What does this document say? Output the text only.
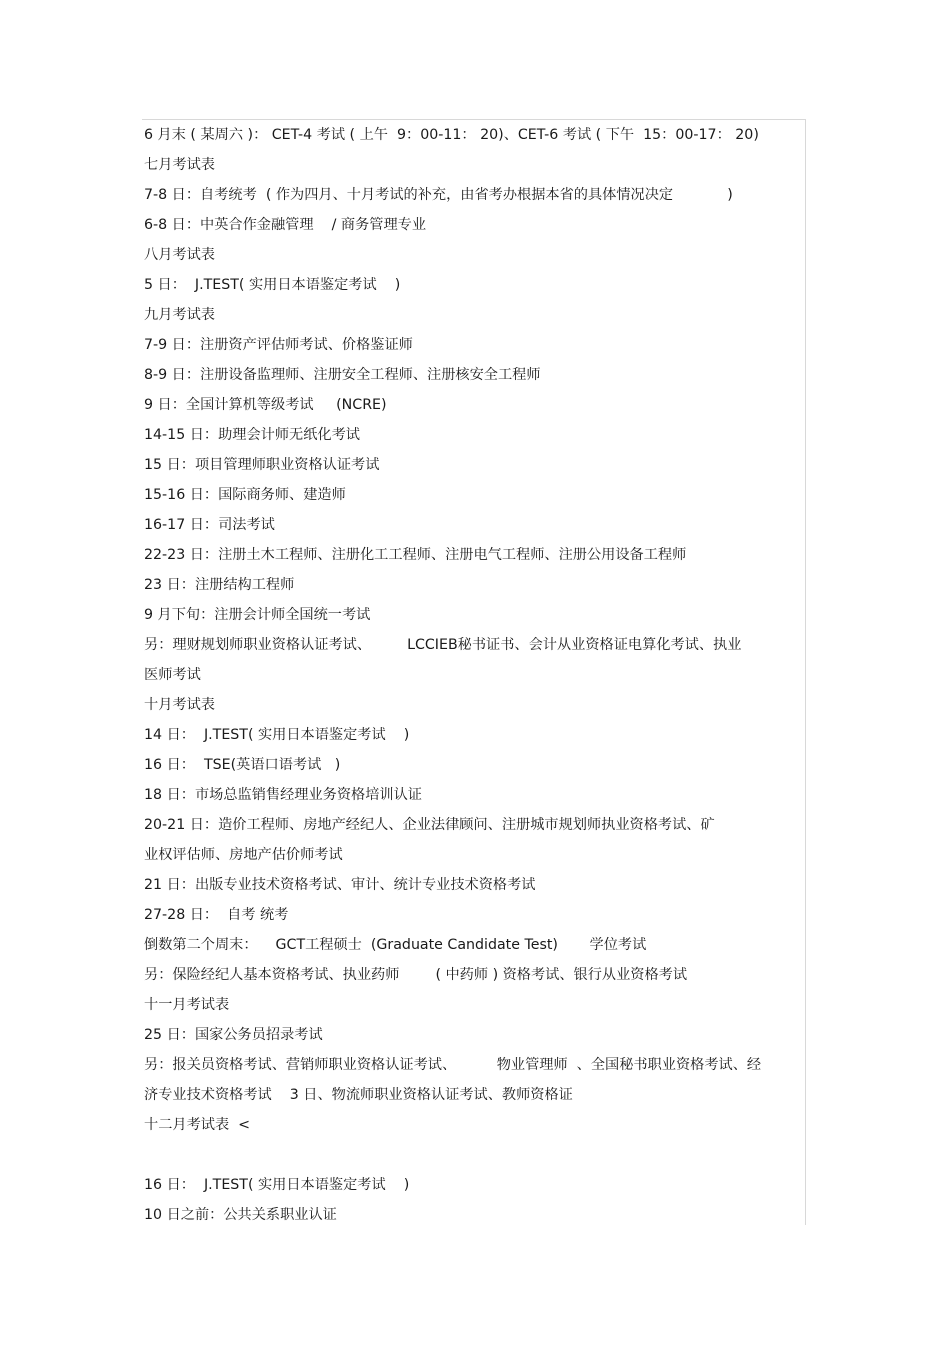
6 月末 ( 某周六 )： CET-4 考试 ( 上午  9：00-11： 20)、CET-6 考试 ( 下午  15：00-17： 20)
七月考试表
7-8 日：自考统考  ( 作为四月、十月考试的补充，由省考办根据本省的具体情况决定            )
6-8 日：中英合作金融管理    / 商务管理专业
八月考试表
5 日：  J.TEST( 实用日本语鉴定考试    )
九月考试表
7-9 日：注册资产评估师考试、价格鉴证师
8-9 日：注册设备监理师、注册安全工程师、注册核安全工程师
9 日：全国计算机等级考试     (NCRE)
14-15 日：助理会计师无纸化考试
15 日：项目管理师职业资格认证考试
15-16 日：国际商务师、建造师
16-17 日：司法考试
22-23 日：注册土木工程师、注册化工工程师、注册电气工程师、注册公用设备工程师
23 日：注册结构工程师
9 月下旬：注册会计师全国统一考试
另：理财规划师职业资格认证考试、        LCCIEB秘书证书、会计从业资格证电算化考试、执业
医师考试
十月考试表
14 日：  J.TEST( 实用日本语鉴定考试    )
16 日：  TSE(英语口语考试   )
18 日：市场总监销售经理业务资格培训认证
20-21 日：造价工程师、房地产经纪人、企业法律顾问、注册城市规划师执业资格考试、矿
业权评估师、房地产估价师考试
21 日：出版专业技术资格考试、审计、统计专业技术资格考试
27-28 日：  自考 统考
倒数第二个周末：    GCT工程硕士  (Graduate Candidate Test)       学位考试
另：保险经纪人基本资格考试、执业药师        ( 中药师 ) 资格考试、银行从业资格考试
十一月考试表
25 日：国家公务员招录考试
另：报关员资格考试、营销师职业资格认证考试、         物业管理师  、全国秘书职业资格考试、经
济专业技术资格考试    3 日、物流师职业资格认证考试、教师资格证
十二月考试表  <
16 日：  J.TEST( 实用日本语鉴定考试    )
10 日之前：公共关系职业认证
